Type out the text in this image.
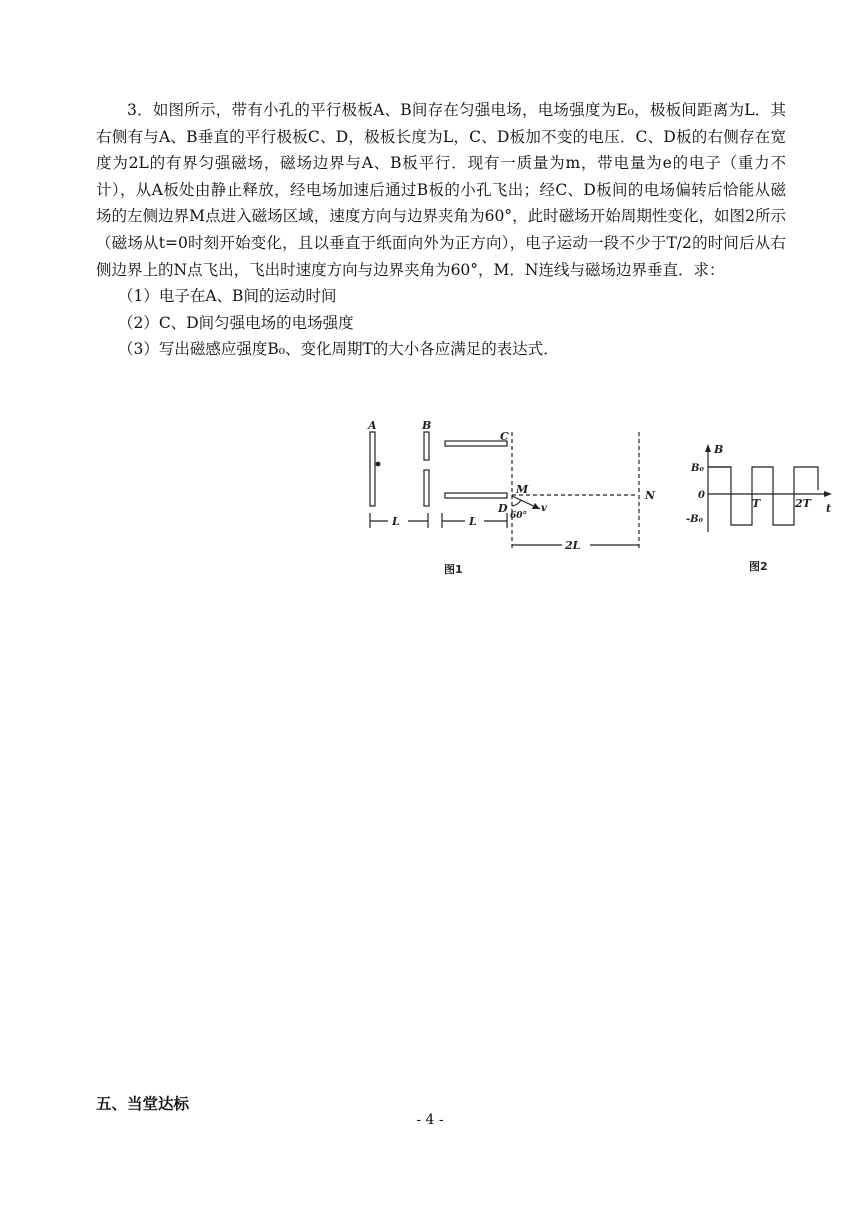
3．如图所示，带有小孔的平行极板A、B间存在匀强电场，电场强度为E₀，极板间距离为L．其右侧有与A、B垂直的平行极板C、D，极板长度为L，C、D板加不变的电压．C、D板的右侧存在宽度为2L的有界匀强磁场，磁场边界与A、B板平行．现有一质量为m，带电量为e的电子（重力不计），从A板处由静止释放，经电场加速后通过B板的小孔飞出；经C、D板间的电场偏转后恰能从磁场的左侧边界M点进入磁场区域，速度方向与边界夹角为60°，此时磁场开始周期性变化，如图2所示（磁场从t=0时刻开始变化，且以垂直于纸面向外为正方向），电子运动一段不少于T/2的时间后从右侧边界上的N点飞出，飞出时速度方向与边界夹角为60°，M．N连线与磁场边界垂直．求：

（1）电子在A、B间的运动时间

（2）C、D间匀强电场的电场强度

（3）写出磁感应强度B₀、变化周期T的大小各应满足的表达式．

A	B
C
D
M	N
v
60°
L	L
2L
图1
B
B₀
0
-B₀
T	2T t
图2
五、当堂达标
- 4 -
